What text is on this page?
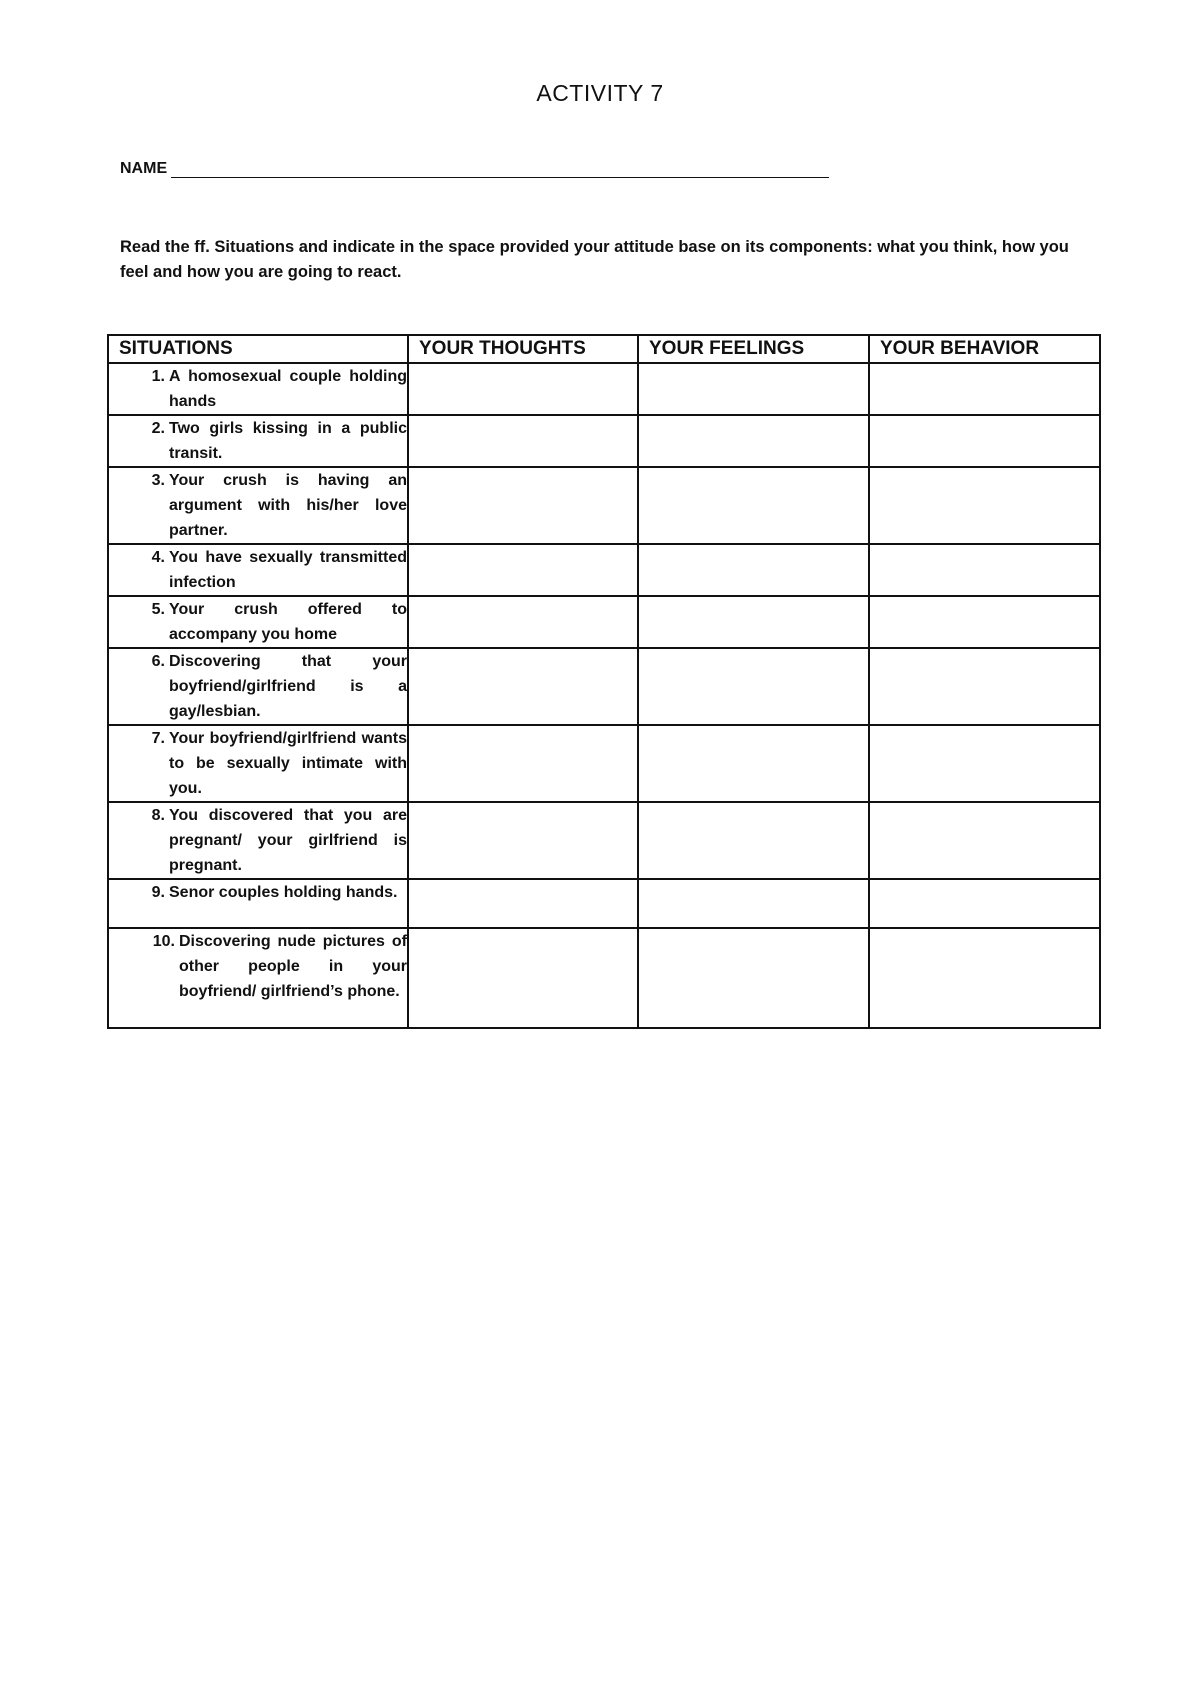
ACTIVITY 7
NAME
Read the ff. Situations and indicate in the space provided your attitude base on its components: what you think, how you feel and how you are going to react.
SITUATIONS	YOUR THOUGHTS	YOUR FEELINGS	YOUR BEHAVIOR

1. A homosexual couple holding hands			

2. Two girls kissing in a public transit.			

3. Your crush is having an argument with his/her love partner.			

4. You have sexually transmitted infection			

5. Your crush offered to accompany you home			

6. Discovering that your boyfriend/girlfriend is a gay/lesbian.			

7. Your boyfriend/girlfriend wants to be sexually intimate with you.			

8. You discovered that you are pregnant/ your girlfriend is pregnant.			

9. Senor couples holding hands.			

10. Discovering nude pictures of other people in your boyfriend/ girlfriend’s phone.			
